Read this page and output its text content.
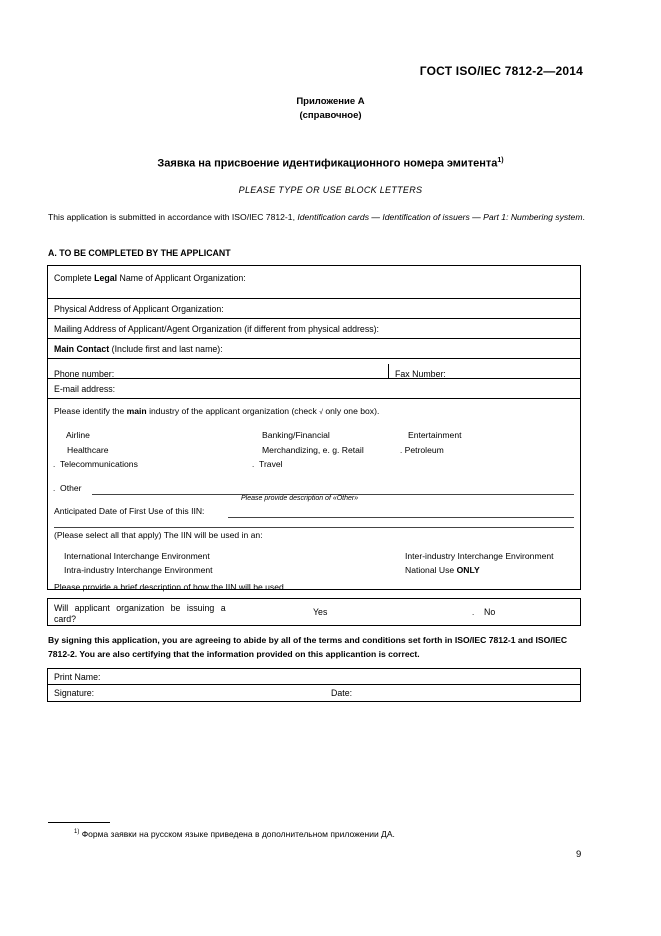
ГОСТ ISO/IEC 7812-2—2014
Приложение А
(справочное)
Заявка на присвоение идентификационного номера эмитента$^{1)}$
PLEASE TYPE OR USE BLOCK LETTERS
This application is submitted in accordance with ISO/IEC 7812-1, Identification cards — Identification of issuers — Part 1: Numbering system.
A. TO BE COMPLETED BY THE APPLICANT
Complete Legal Name of Applicant Organization:
Physical Address of Applicant Organization:
Mailing Address of Applicant/Agent Organization (if different from physical address):
Main Contact (Include first and last name):
Phone number:	Fax Number:
E-mail address:
Please identify the main industry of the applicant organization (check √ only one box).
Airline	Banking/Financial	Entertainment
Healthcare	Merchandizing, e. g. Retail	. Petroleum
. Telecommunications	. Travel
. Other
Please provide description of «Other»
Anticipated Date of First Use of this IIN:
(Please select all that apply) The IIN will be used in an:
International Interchange Environment	Inter-industry Interchange Environment
Intra-industry Interchange Environment	National Use ONLY
Please provide a brief description of how the IIN will be used.
Will applicant organization be issuing a
card?
Yes	. No
By signing this application, you are agreeing to abide by all of the terms and conditions set forth in ISO/IEC 7812-1 and ISO/IEC 7812-2. You are also certifying that the information provided on this applicantion is correct.
Print Name:
Signature:	Date:
$^{1)}$ Форма заявки на русском языке приведена в дополнительном приложении ДА.
9
